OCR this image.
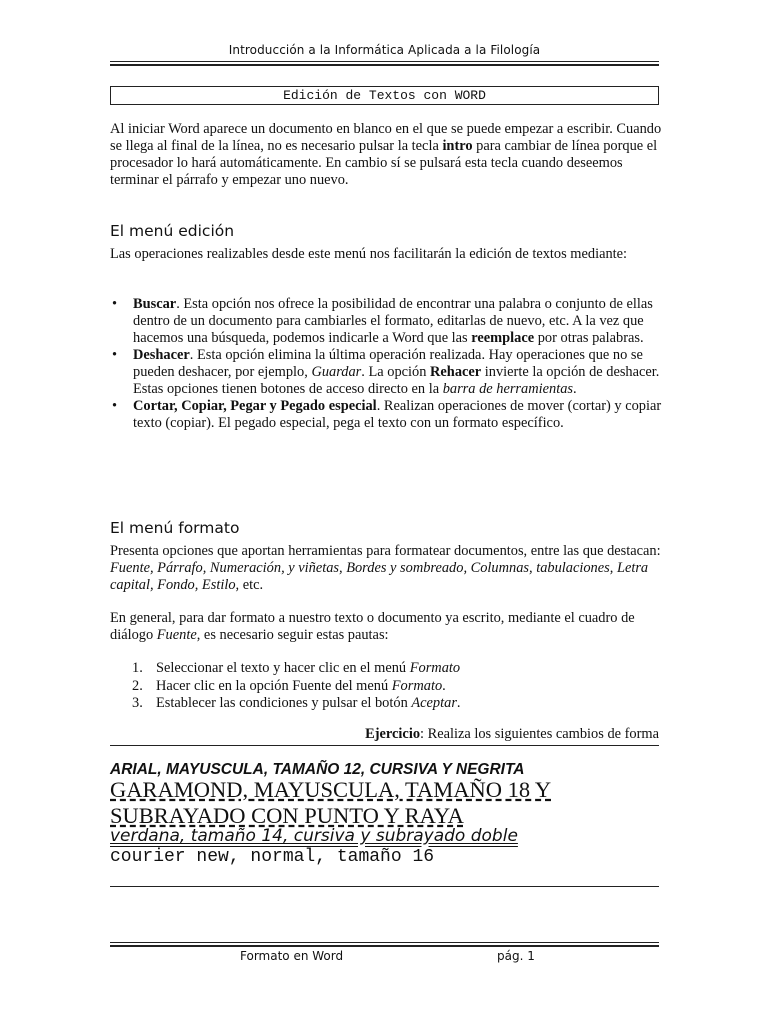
Introducción a la Informática Aplicada a la Filología
Edición de Textos con WORD
Al iniciar Word aparece un documento en blanco en el que se puede empezar a escribir. Cuando se llega al final de la línea, no es necesario pulsar la tecla intro para cambiar de línea porque el procesador lo hará automáticamente. En cambio sí se pulsará esta tecla cuando deseemos terminar el párrafo y empezar uno nuevo.
El menú edición
Las operaciones realizables desde este menú nos facilitarán la edición de textos mediante:
• Buscar. Esta opción nos ofrece la posibilidad de encontrar una palabra o conjunto de ellas dentro de un documento para cambiarles el formato, editarlas de nuevo, etc. A la vez que hacemos una búsqueda, podemos indicarle a Word que las reemplace por otras palabras.
• Deshacer. Esta opción elimina la última operación realizada. Hay operaciones que no se pueden deshacer, por ejemplo, Guardar. La opción Rehacer invierte la opción de deshacer. Estas opciones tienen botones de acceso directo en la barra de herramientas.
• Cortar, Copiar, Pegar y Pegado especial. Realizan operaciones de mover (cortar) y copiar texto (copiar). El pegado especial, pega el texto con un formato específico.
El menú formato
Presenta opciones que aportan herramientas para formatear documentos, entre las que destacan: Fuente, Párrafo, Numeración, y viñetas, Bordes y sombreado, Columnas, tabulaciones, Letra capital, Fondo, Estilo, etc.
En general, para dar formato a nuestro texto o documento ya escrito, mediante el cuadro de diálogo Fuente, es necesario seguir estas pautas:
1. Seleccionar el texto y hacer clic en el menú Formato
2. Hacer clic en la opción Fuente del menú Formato.
3. Establecer las condiciones y pulsar el botón Aceptar.
Ejercicio: Realiza los siguientes cambios de forma
ARIAL, MAYUSCULA, TAMAÑO 12, CURSIVA Y NEGRITA
GARAMOND, MAYUSCULA, TAMAÑO 18 Y SUBRAYADO CON PUNTO Y RAYA
verdana, tamaño 14, cursiva y subrayado doble
courier new, normal, tamaño 16
Formato en Word	pág. 1
